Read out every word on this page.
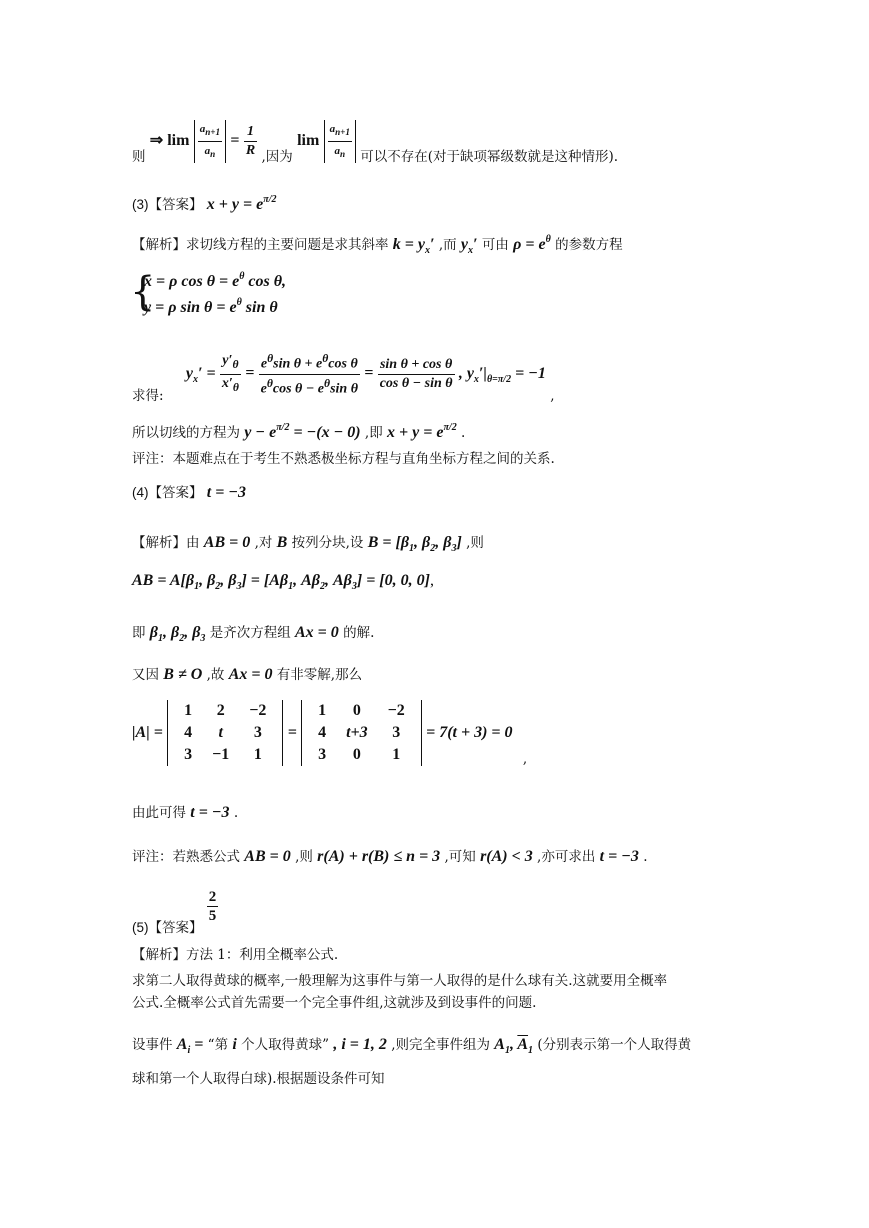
则 ⇒ $\lim \frac{a_{n+1}}{a_n} = \frac{1}{R}$ ,因为 $\lim \frac{a_{n+1}}{a_n}$ 可以不存在(对于缺项幂级数就是这种情形).
(3)【答案】 $x + y = e^{\pi/2}$
【解析】求切线方程的主要问题是求其斜率 $k = y_x'$ ,而 $y_x'$ 可由 $\rho = e^\theta$ 的参数方程
{
x = ρ $\cos \theta = e^\theta$ cos θ,
y = ρ $\sin \theta = e^\theta$ sin θ
求得: $y_x' = \frac{y'_\theta}{x'_\theta} = \frac{e^\theta\sin \theta + e^\theta\cos \theta}{e^\theta\cos \theta - e^\theta\sin \theta} = \frac{\text{sin θ + cos θ}}{\text{cos θ − sin θ}}$ , $y_x'|_{\theta=\pi/2} = -1$ ,
所以切线的方程为 $y - e^{\pi/2} = -(x - 0)$ ,即 $x + y = e^{\pi/2}$ .
评注：本题难点在于考生不熟悉极坐标方程与直角坐标方程之间的关系.
(4)【答案】 t = −3
【解析】由 AB = 0 ,对 B 按列分块,设 $B = [\beta_1$, $\beta_2$, $\beta_3$] ,则
AB = $A[\beta_1$, $\beta_2$, $\beta_3] = [A\beta_1$, $A\beta_2$, $A\beta_3] = [0$, 0, 0],
即 $\beta_1$, $\beta_2$, $\beta_3$ 是齐次方程组 Ax = 0 的解.
又因 B ≠ O ,故 Ax = 0 有非零解,那么
|A| =
1	2	−2
4	t	3
3	−1	1
=
1	0	−2
4	t+3	3
3	0	1
= 7(t + 3) = 0 ,
由此可得 t = −3 .
评注：若熟悉公式 AB = 0 ,则 r(A) + r(B) ≤ n = 3 ,可知 r(A) < 3 ,亦可求出 t = −3 .
(5)【答案】
$\frac{2}{5}$
【解析】方法 1：利用全概率公式.
求第二人取得黄球的概率,一般理解为这事件与第一人取得的是什么球有关.这就要用全概率
公式.全概率公式首先需要一个完全事件组,这就涉及到设事件的问题.
设事件 $A_i$ = “第 i 个人取得黄球” , i = 1, 2 ,则完全事件组为 $A_1$, $\overline{A}_1$ (分别表示第一个人取得黄
球和第一个人取得白球).根据题设条件可知
